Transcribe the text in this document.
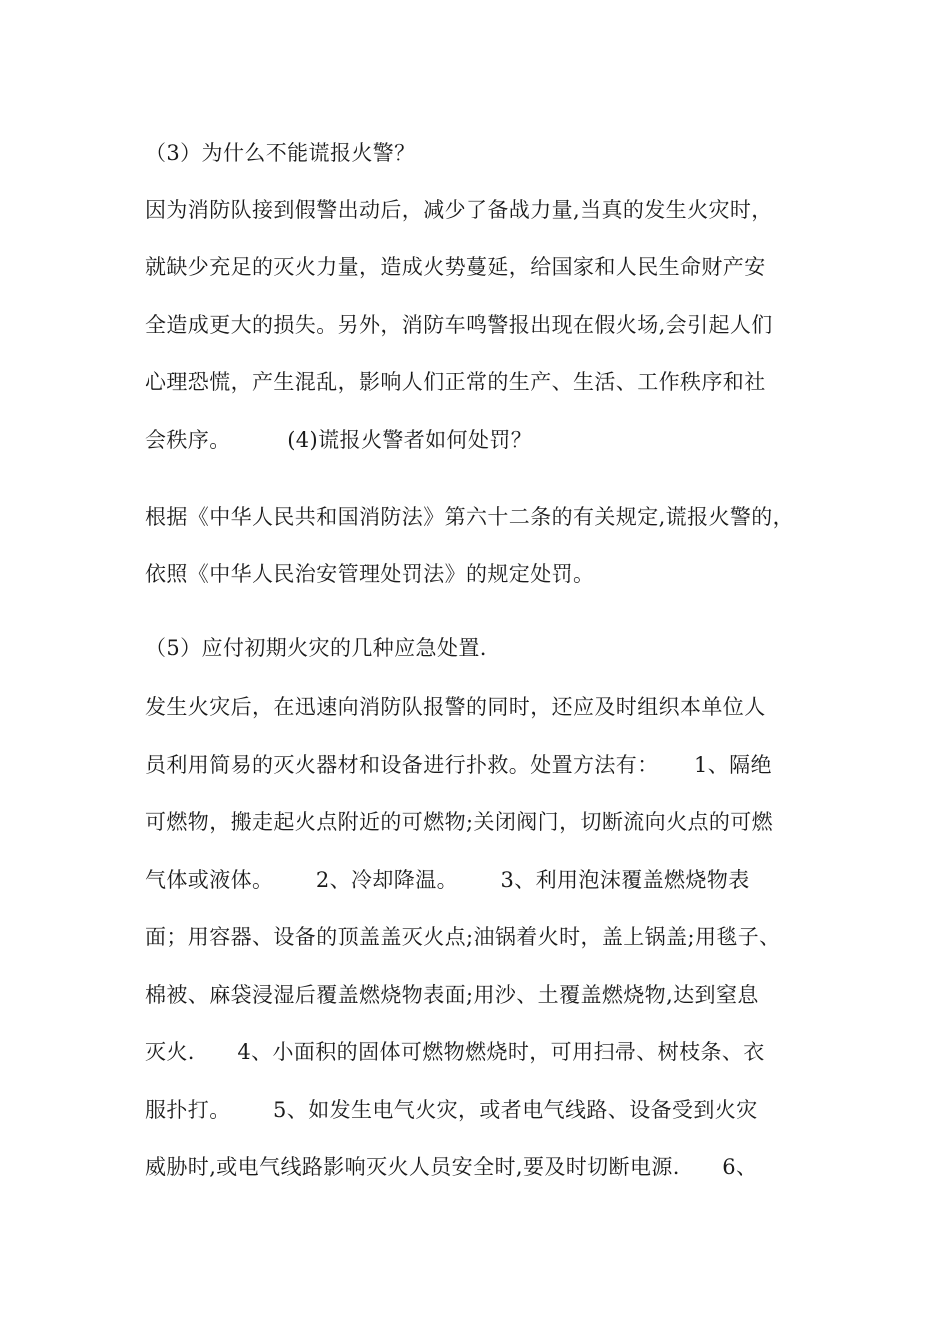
（3）为什么不能谎报火警？
因为消防队接到假警出动后，减少了备战力量,当真的发生火灾时，
就缺少充足的灭火力量，造成火势蔓延，给国家和人民生命财产安
全造成更大的损失。另外，消防车鸣警报出现在假火场,会引起人们
心理恐慌，产生混乱，影响人们正常的生产、生活、工作秩序和社
会秩序。        (4)谎报火警者如何处罚？
根据《中华人民共和国消防法》第六十二条的有关规定,谎报火警的，
依照《中华人民治安管理处罚法》的规定处罚。
（5）应付初期火灾的几种应急处置.
发生火灾后，在迅速向消防队报警的同时，还应及时组织本单位人
员利用简易的灭火器材和设备进行扑救。处置方法有：     1、隔绝
可燃物，搬走起火点附近的可燃物;关闭阀门，切断流向火点的可燃
气体或液体。      2、冷却降温。      3、利用泡沫覆盖燃烧物表
面；用容器、设备的顶盖盖灭火点;油锅着火时，盖上锅盖;用毯子、
棉被、麻袋浸湿后覆盖燃烧物表面;用沙、土覆盖燃烧物,达到窒息
灭火.      4、小面积的固体可燃物燃烧时，可用扫帚、树枝条、衣
服扑打。      5、如发生电气火灾，或者电气线路、设备受到火灾
威胁时,或电气线路影响灭火人员安全时,要及时切断电源.      6、
